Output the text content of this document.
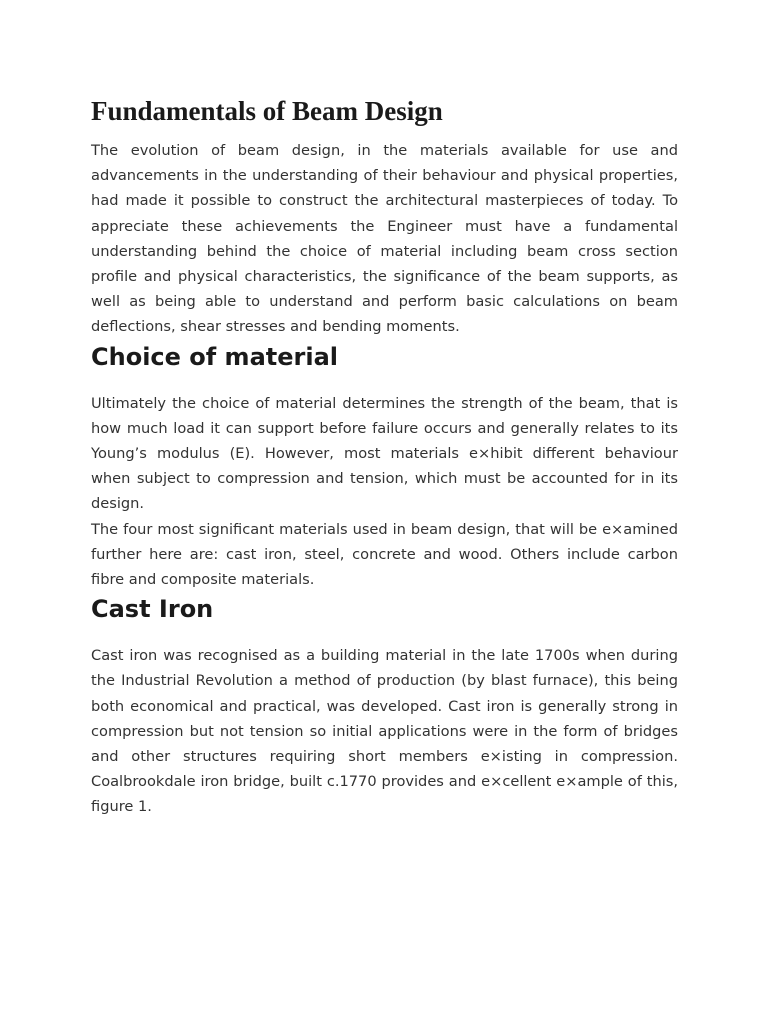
Fundamentals of Beam Design

The evolution of beam design, in the materials available for use and advancements in the understanding of their behaviour and physical properties, had made it possible to construct the architectural masterpieces of today. To appreciate these achievements the Engineer must have a fundamental understanding behind the choice of material including beam cross section profile and physical characteristics, the significance of the beam supports, as well as being able to understand and perform basic calculations on beam deflections, shear stresses and bending moments.

Choice of material

Ultimately the choice of material determines the strength of the beam, that is how much load it can support before failure occurs and generally relates to its Young’s modulus (E). However, most materials e×hibit different behaviour when subject to compression and tension, which must be accounted for in its design.

The four most significant materials used in beam design, that will be e×amined further here are: cast iron, steel, concrete and wood. Others include carbon fibre and composite materials.

Cast Iron

Cast iron was recognised as a building material in the late 1700s when during the Industrial Revolution a method of production (by blast furnace), this being both economical and practical, was developed. Cast iron is generally strong in compression but not tension so initial applications were in the form of bridges and other structures requiring short members e×isting in compression. Coalbrookdale iron bridge, built c.1770 provides and e×cellent e×ample of this, figure 1.
